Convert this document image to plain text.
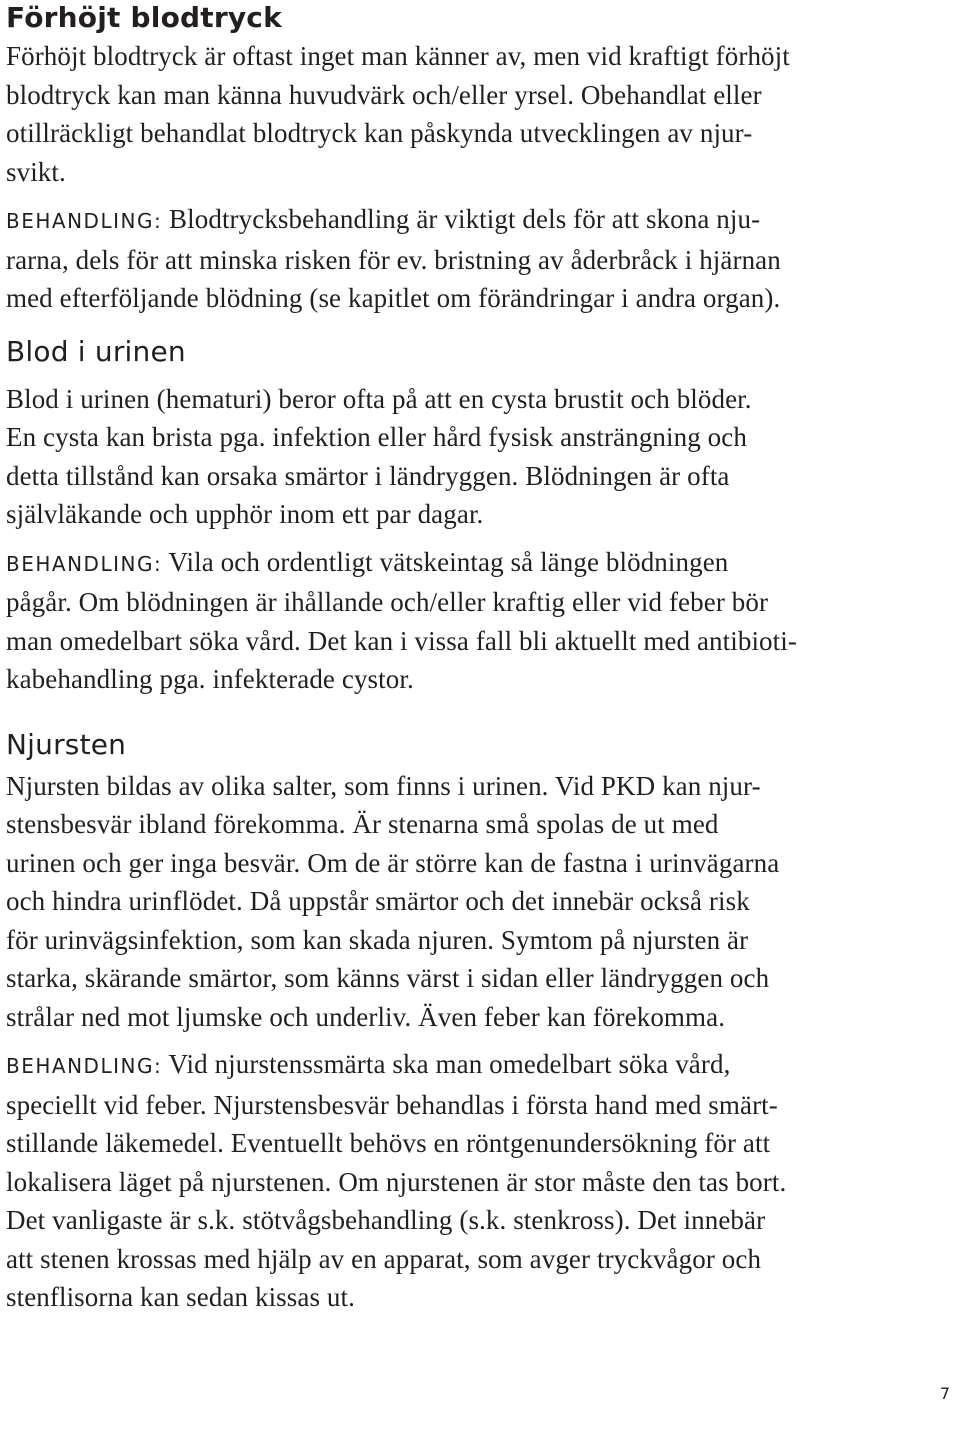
Förhöjt blodtryck

Förhöjt blodtryck är oftast inget man känner av, men vid kraftigt förhöjt
blodtryck kan man känna huvudvärk och/eller yrsel. Obehandlat eller
otillräckligt behandlat blodtryck kan påskynda utvecklingen av njur-
svikt.

BEHANDLING: Blodtrycksbehandling är viktigt dels för att skona nju-
rarna, dels för att minska risken för ev. bristning av åderbråck i hjärnan
med efterföljande blödning (se kapitlet om förändringar i andra organ).

Blod i urinen

Blod i urinen (hematuri) beror ofta på att en cysta brustit och blöder.
En cysta kan brista pga. infektion eller hård fysisk ansträngning och
detta tillstånd kan orsaka smärtor i ländryggen. Blödningen är ofta
självläkande och upphör inom ett par dagar.

BEHANDLING: Vila och ordentligt vätskeintag så länge blödningen
pågår. Om blödningen är ihållande och/eller kraftig eller vid feber bör
man omedelbart söka vård. Det kan i vissa fall bli aktuellt med antibioti-
kabehandling pga. infekterade cystor.

Njursten

Njursten bildas av olika salter, som finns i urinen. Vid PKD kan njur-
stensbesvär ibland förekomma. Är stenarna små spolas de ut med
urinen och ger inga besvär. Om de är större kan de fastna i urinvägarna
och hindra urinflödet. Då uppstår smärtor och det innebär också risk
för urinvägsinfektion, som kan skada njuren. Symtom på njursten är
starka, skärande smärtor, som känns värst i sidan eller ländryggen och
strålar ned mot ljumske och underliv. Även feber kan förekomma.

BEHANDLING: Vid njurstenssmärta ska man omedelbart söka vård,
speciellt vid feber. Njurstensbesvär behandlas i första hand med smärt-
stillande läkemedel. Eventuellt behövs en röntgenundersökning för att
lokalisera läget på njurstenen. Om njurstenen är stor måste den tas bort.
Det vanligaste är s.k. stötvågsbehandling (s.k. stenkross). Det innebär
att stenen krossas med hjälp av en apparat, som avger tryckvågor och
stenflisorna kan sedan kissas ut.

7
